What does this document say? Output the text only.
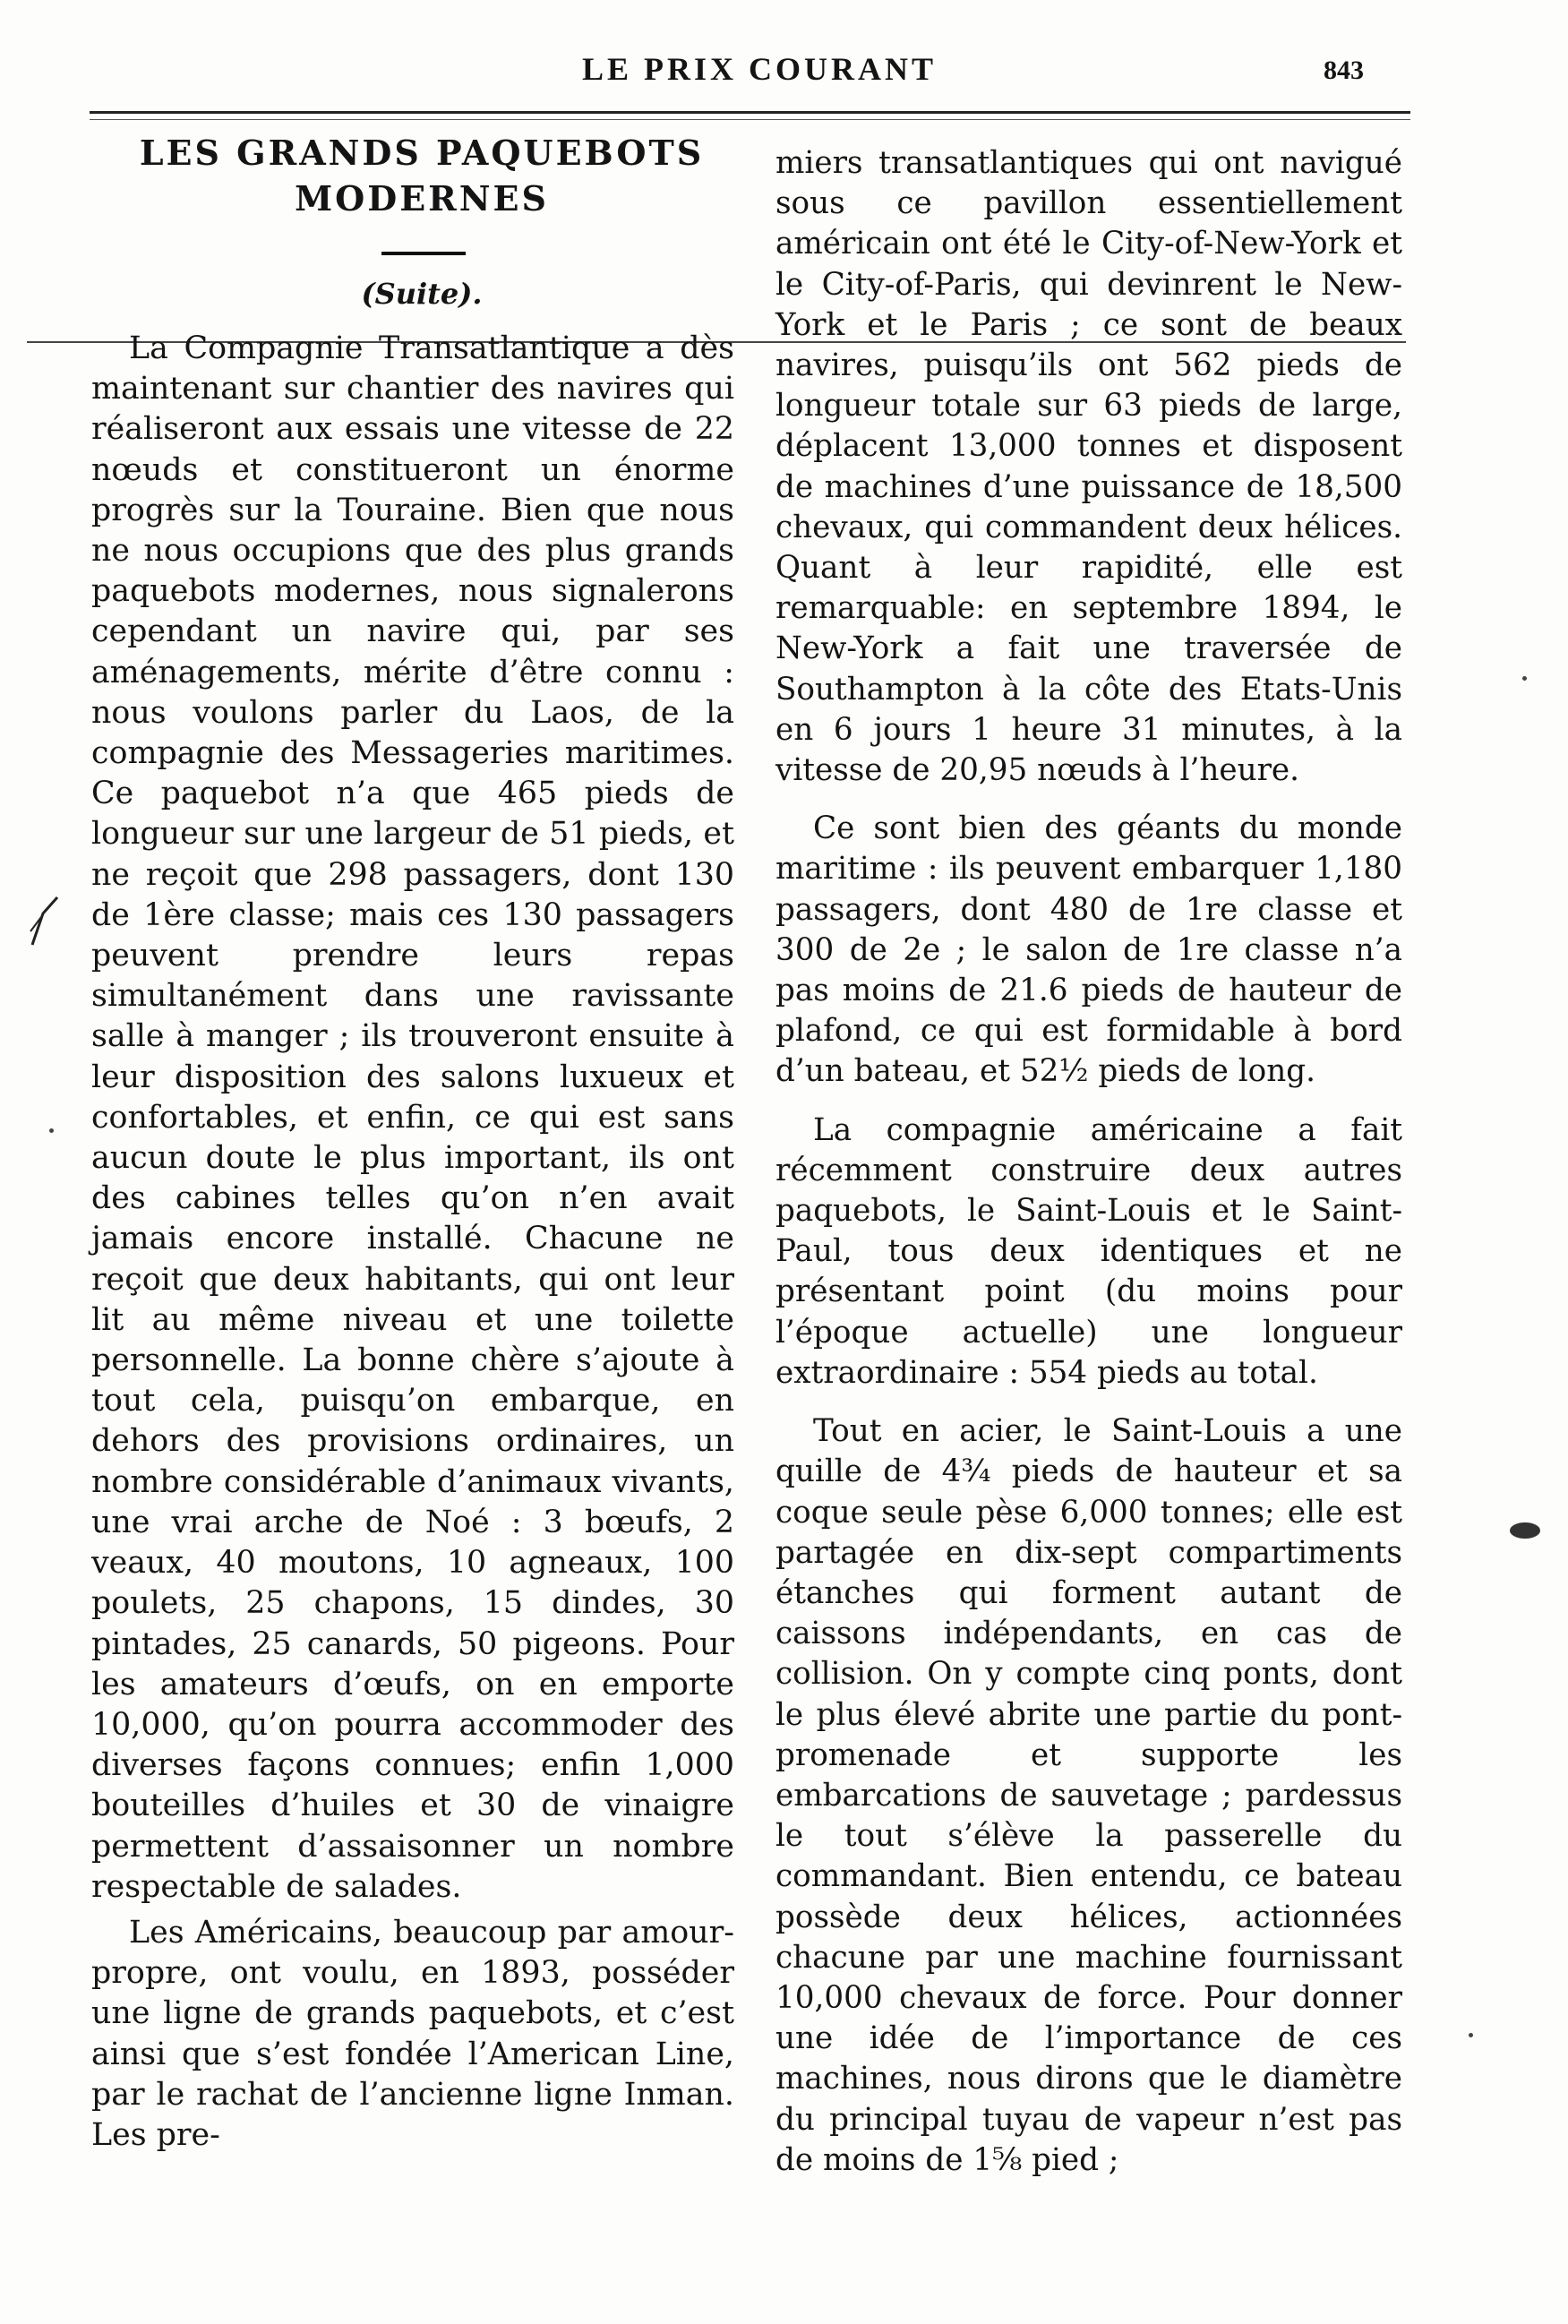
LE PRIX COURANT	843
LES GRANDS PAQUEBOTS
MODERNES
(Suite).

La Compagnie Transatlantique a dès maintenant sur chantier des navires qui réaliseront aux essais une vitesse de 22 nœuds et constitueront un énorme progrès sur la Touraine. Bien que nous ne nous occupions que des plus grands paquebots modernes, nous signalerons cependant un navire qui, par ses aménagements, mérite d’être connu : nous voulons parler du Laos, de la compagnie des Messageries maritimes. Ce paquebot n’a que 465 pieds de longueur sur une largeur de 51 pieds, et ne reçoit que 298 passagers, dont 130 de 1ère classe; mais ces 130 passagers peuvent prendre leurs repas simultanément dans une ravissante salle à manger ; ils trouveront ensuite à leur disposition des salons luxueux et confortables, et enfin, ce qui est sans aucun doute le plus important, ils ont des cabines telles qu’on n’en avait jamais encore installé. Chacune ne reçoit que deux habitants, qui ont leur lit au même niveau et une toilette personnelle. La bonne chère s’ajoute à tout cela, puisqu’on embarque, en dehors des provisions ordinaires, un nombre considérable d’animaux vivants, une vrai arche de Noé : 3 bœufs, 2 veaux, 40 moutons, 10 agneaux, 100 poulets, 25 chapons, 15 dindes, 30 pintades, 25 canards, 50 pigeons. Pour les amateurs d’œufs, on en emporte 10,000, qu’on pourra accommoder des diverses façons connues; enfin 1,000 bouteilles d’huiles et 30 de vinaigre permettent d’assaisonner un nombre respectable de salades.

Les Américains, beaucoup par amour-propre, ont voulu, en 1893, posséder une ligne de grands paquebots, et c’est ainsi que s’est fondée l’American Line, par le rachat de l’ancienne ligne Inman. Les pre-

miers transatlantiques qui ont navigué sous ce pavillon essentiellement américain ont été le City-of-New-York et le City-of-Paris, qui devinrent le New-York et le Paris ; ce sont de beaux navires, puisqu’ils ont 562 pieds de longueur totale sur 63 pieds de large, déplacent 13,000 tonnes et disposent de machines d’une puissance de 18,500 chevaux, qui commandent deux hélices. Quant à leur rapidité, elle est remarquable: en septembre 1894, le New-York a fait une traversée de Southampton à la côte des Etats-Unis en 6 jours 1 heure 31 minutes, à la vitesse de 20,95 nœuds à l’heure.

Ce sont bien des géants du monde maritime : ils peuvent embarquer 1,180 passagers, dont 480 de 1re classe et 300 de 2e ; le salon de 1re classe n’a pas moins de 21.6 pieds de hauteur de plafond, ce qui est formidable à bord d’un bateau, et 52½ pieds de long.

La compagnie américaine a fait récemment construire deux autres paquebots, le Saint-Louis et le Saint-Paul, tous deux identiques et ne présentant point (du moins pour l’époque actuelle) une longueur extraordinaire : 554 pieds au total.

Tout en acier, le Saint-Louis a une quille de 4¾ pieds de hauteur et sa coque seule pèse 6,000 tonnes; elle est partagée en dix-sept compartiments étanches qui forment autant de caissons indépendants, en cas de collision. On y compte cinq ponts, dont le plus élevé abrite une partie du pont-promenade et supporte les embarcations de sauvetage ; pardessus le tout s’élève la passerelle du commandant. Bien entendu, ce bateau possède deux hélices, actionnées chacune par une machine fournissant 10,000 chevaux de force. Pour donner une idée de l’importance de ces machines, nous dirons que le diamètre du principal tuyau de vapeur n’est pas de moins de 1⅝ pied ;
